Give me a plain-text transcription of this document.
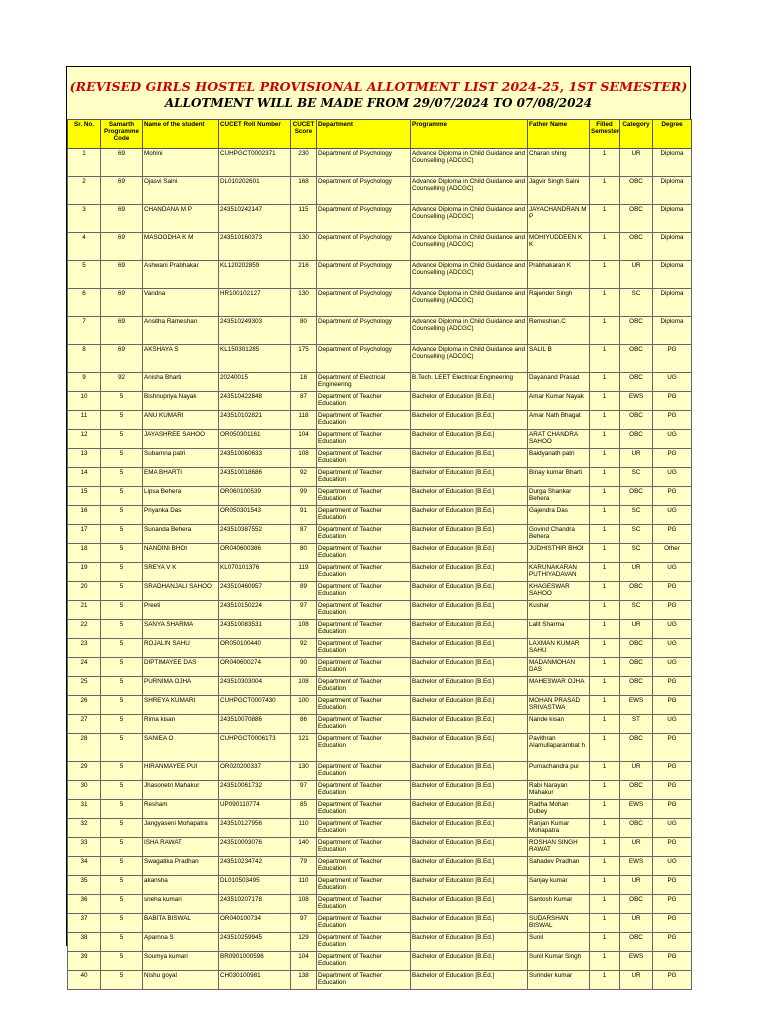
(REVISED GIRLS HOSTEL PROVISIONAL ALLOTMENT LIST 2024-25, 1ST SEMESTER)
ALLOTMENT WILL BE MADE FROM 29/07/2024 TO 07/08/2024
Sr. No.	Samarth Programme Code	Name of the student	CUCET Roll Number	CUCET Score	Department	Programme	Father Name	Filled Semester	Category	Degree
1	69	Mohini	CUHPGCT0002371	230	Department of Psychology	Advance Diploma in Child Guidance and Counselling (ADCGC)	Charan shing	1	UR	Diploma
2	69	Ojasvi Saini	DL010202601	168	Department of Psychology	Advance Diploma in Child Guidance and Counselling (ADCGC)	Jagvir Singh Saini	1	OBC	Diploma
3	69	CHANDANA M P	243510242147	115	Department of Psychology	Advance Diploma in Child Guidance and Counselling (ADCGC)	JAYACHANDRAN M P	1	OBC	Diploma
4	69	MASOODHA K M	243510160373	130	Department of Psychology	Advance Diploma in Child Guidance and Counselling (ADCGC)	MOHIYUDDEEN K K	1	OBC	Diploma
5	69	Ashwani Prabhakar	KL120202859	216	Department of Psychology	Advance Diploma in Child Guidance and Counselling (ADCGC)	Prabhakaran K	1	UR	Diploma
6	69	Vandna	HR100102127	130	Department of Psychology	Advance Diploma in Child Guidance and Counselling (ADCGC)	Rajender Singh	1	SC	Diploma
7	69	Ansitha Rameshan	243510249303	80	Department of Psychology	Advance Diploma in Child Guidance and Counselling (ADCGC)	Remeshan.C	1	OBC	Diploma
8	69	AKSHAYA S	KL150301285	175	Department of Psychology	Advance Diploma in Child Guidance and Counselling (ADCGC)	SALIL B	1	OBC	PG
9	92	Anisha Bharti	20240015	18	Department of Electrical Engineering	B.Tech. LEET Electrical Engineering	Dayanand Prasad	1	OBC	UG
10	5	Bishnupriya Nayak	243510422848	87	Department of Teacher Education	Bachelor of Education [B.Ed.]	Amar Kumar Nayak	1	EWS	PG
11	5	ANU KUMARI	243510102821	118	Department of Teacher Education	Bachelor of Education [B.Ed.]	Amar Nath Bhagat	1	OBC	PG
12	5	JAYASHREE SAHOO	OR050301161	104	Department of Teacher Education	Bachelor of Education [B.Ed.]	ARAT CHANDRA SAHOO	1	OBC	UG
13	5	Subarnna patri	243510060633	108	Department of Teacher Education	Bachelor of Education [B.Ed.]	Baidyanath patri	1	UR	PG
14	5	EMA BHARTI	243510018686	92	Department of Teacher Education	Bachelor of Education [B.Ed.]	Binay kumar Bharti	1	SC	UG
15	5	Lipsa Behera	OR060100539	99	Department of Teacher Education	Bachelor of Education [B.Ed.]	Durga Shankar Behera	1	OBC	PG
16	5	Priyanka Das	OR050301543	91	Department of Teacher Education	Bachelor of Education [B.Ed.]	Gajendra Das	1	SC	UG
17	5	Sunanda Behera	243510387552	87	Department of Teacher Education	Bachelor of Education [B.Ed.]	Govind Chandra Behera	1	SC	PG
18	5	NANDINI BHOI	OR040600386	80	Department of Teacher Education	Bachelor of Education [B.Ed.]	JUDHISTHIR BHOI	1	SC	Other
19	5	SREYA V K	KL070101376	119	Department of Teacher Education	Bachelor of Education [B.Ed.]	KARUNAKARAN PUTHIYADAVAN	1	UR	UG
20	5	SRADHANJALI SAHOO	243510460957	89	Department of Teacher Education	Bachelor of Education [B.Ed.]	KHAGESWAR SAHOO	1	OBC	PG
21	5	Preeti	243510150224	97	Department of Teacher Education	Bachelor of Education [B.Ed.]	Kushar	1	SC	PG
22	5	SANYA SHARMA	243510083531	108	Department of Teacher Education	Bachelor of Education [B.Ed.]	Lalit Sharma	1	UR	UG
23	5	ROJALIN SAHU	OR050100440	92	Department of Teacher Education	Bachelor of Education [B.Ed.]	LAXMAN KUMAR SAHU	1	OBC	UG
24	5	DIPTIMAYEE DAS	OR040600274	90	Department of Teacher Education	Bachelor of Education [B.Ed.]	MADANMOHAN DAS	1	OBC	UG
25	5	PURNIMA OJHA	243510303004	108	Department of Teacher Education	Bachelor of Education [B.Ed.]	MAHESWAR OJHA	1	OBC	PG
26	5	SHREYA KUMARI	CUHPGCT0007430	100	Department of Teacher Education	Bachelor of Education [B.Ed.]	MOHAN PRASAD SRIVASTWA	1	EWS	PG
27	5	Rima kisan	243510070886	86	Department of Teacher Education	Bachelor of Education [B.Ed.]	Nande kisan	1	ST	UG
28	5	SANIEA O	CUHPGCT0006173	121	Department of Teacher Education	Bachelor of Education [B.Ed.]	Pavithran Alamullaparambat h	1	OBC	PG
29	5	HIRANMAYEE PUI	OR020200337	130	Department of Teacher Education	Bachelor of Education [B.Ed.]	Purnachandra pui	1	UR	PG
30	5	Jhasonetri Mahakur	243510061732	97	Department of Teacher Education	Bachelor of Education [B.Ed.]	Rabi Narayan Mahakur	1	OBC	PG
31	5	Resham	UP090110774	85	Department of Teacher Education	Bachelor of Education [B.Ed.]	Radha Mohan Dubey	1	EWS	PG
32	5	Jangyaseni Mohapatra	243510127956	110	Department of Teacher Education	Bachelor of Education [B.Ed.]	Ranjan Kumar Mohapatra	1	OBC	UG
33	5	ISHA RAWAT	243510003076	140	Department of Teacher Education	Bachelor of Education [B.Ed.]	ROSHAN SINGH RAWAT	1	UR	PG
34	5	Swagatika Pradhan	243510234742	79	Department of Teacher Education	Bachelor of Education [B.Ed.]	Sahadev Pradhan	1	EWS	UG
35	5	akansha	DL010503495	110	Department of Teacher Education	Bachelor of Education [B.Ed.]	Sanjay kumar	1	UR	PG
36	5	sneha kumari	243510207178	108	Department of Teacher Education	Bachelor of Education [B.Ed.]	Santosh Kumar	1	OBC	PG
37	5	BABITA BISWAL	OR040100734	97	Department of Teacher Education	Bachelor of Education [B.Ed.]	SUDARSHAN BISWAL	1	UR	PG
38	5	Aparnna S	243510259945	129	Department of Teacher Education	Bachelor of Education [B.Ed.]	Sunil	1	OBC	PG
39	5	Soumya kumari	BR0901000596	104	Department of Teacher Education	Bachelor of Education [B.Ed.]	Sunil Kumar Singh	1	EWS	PG
40	5	Nishu goyal	CH030100981	138	Department of Teacher Education	Bachelor of Education [B.Ed.]	Surinder kumar	1	UR	PG
